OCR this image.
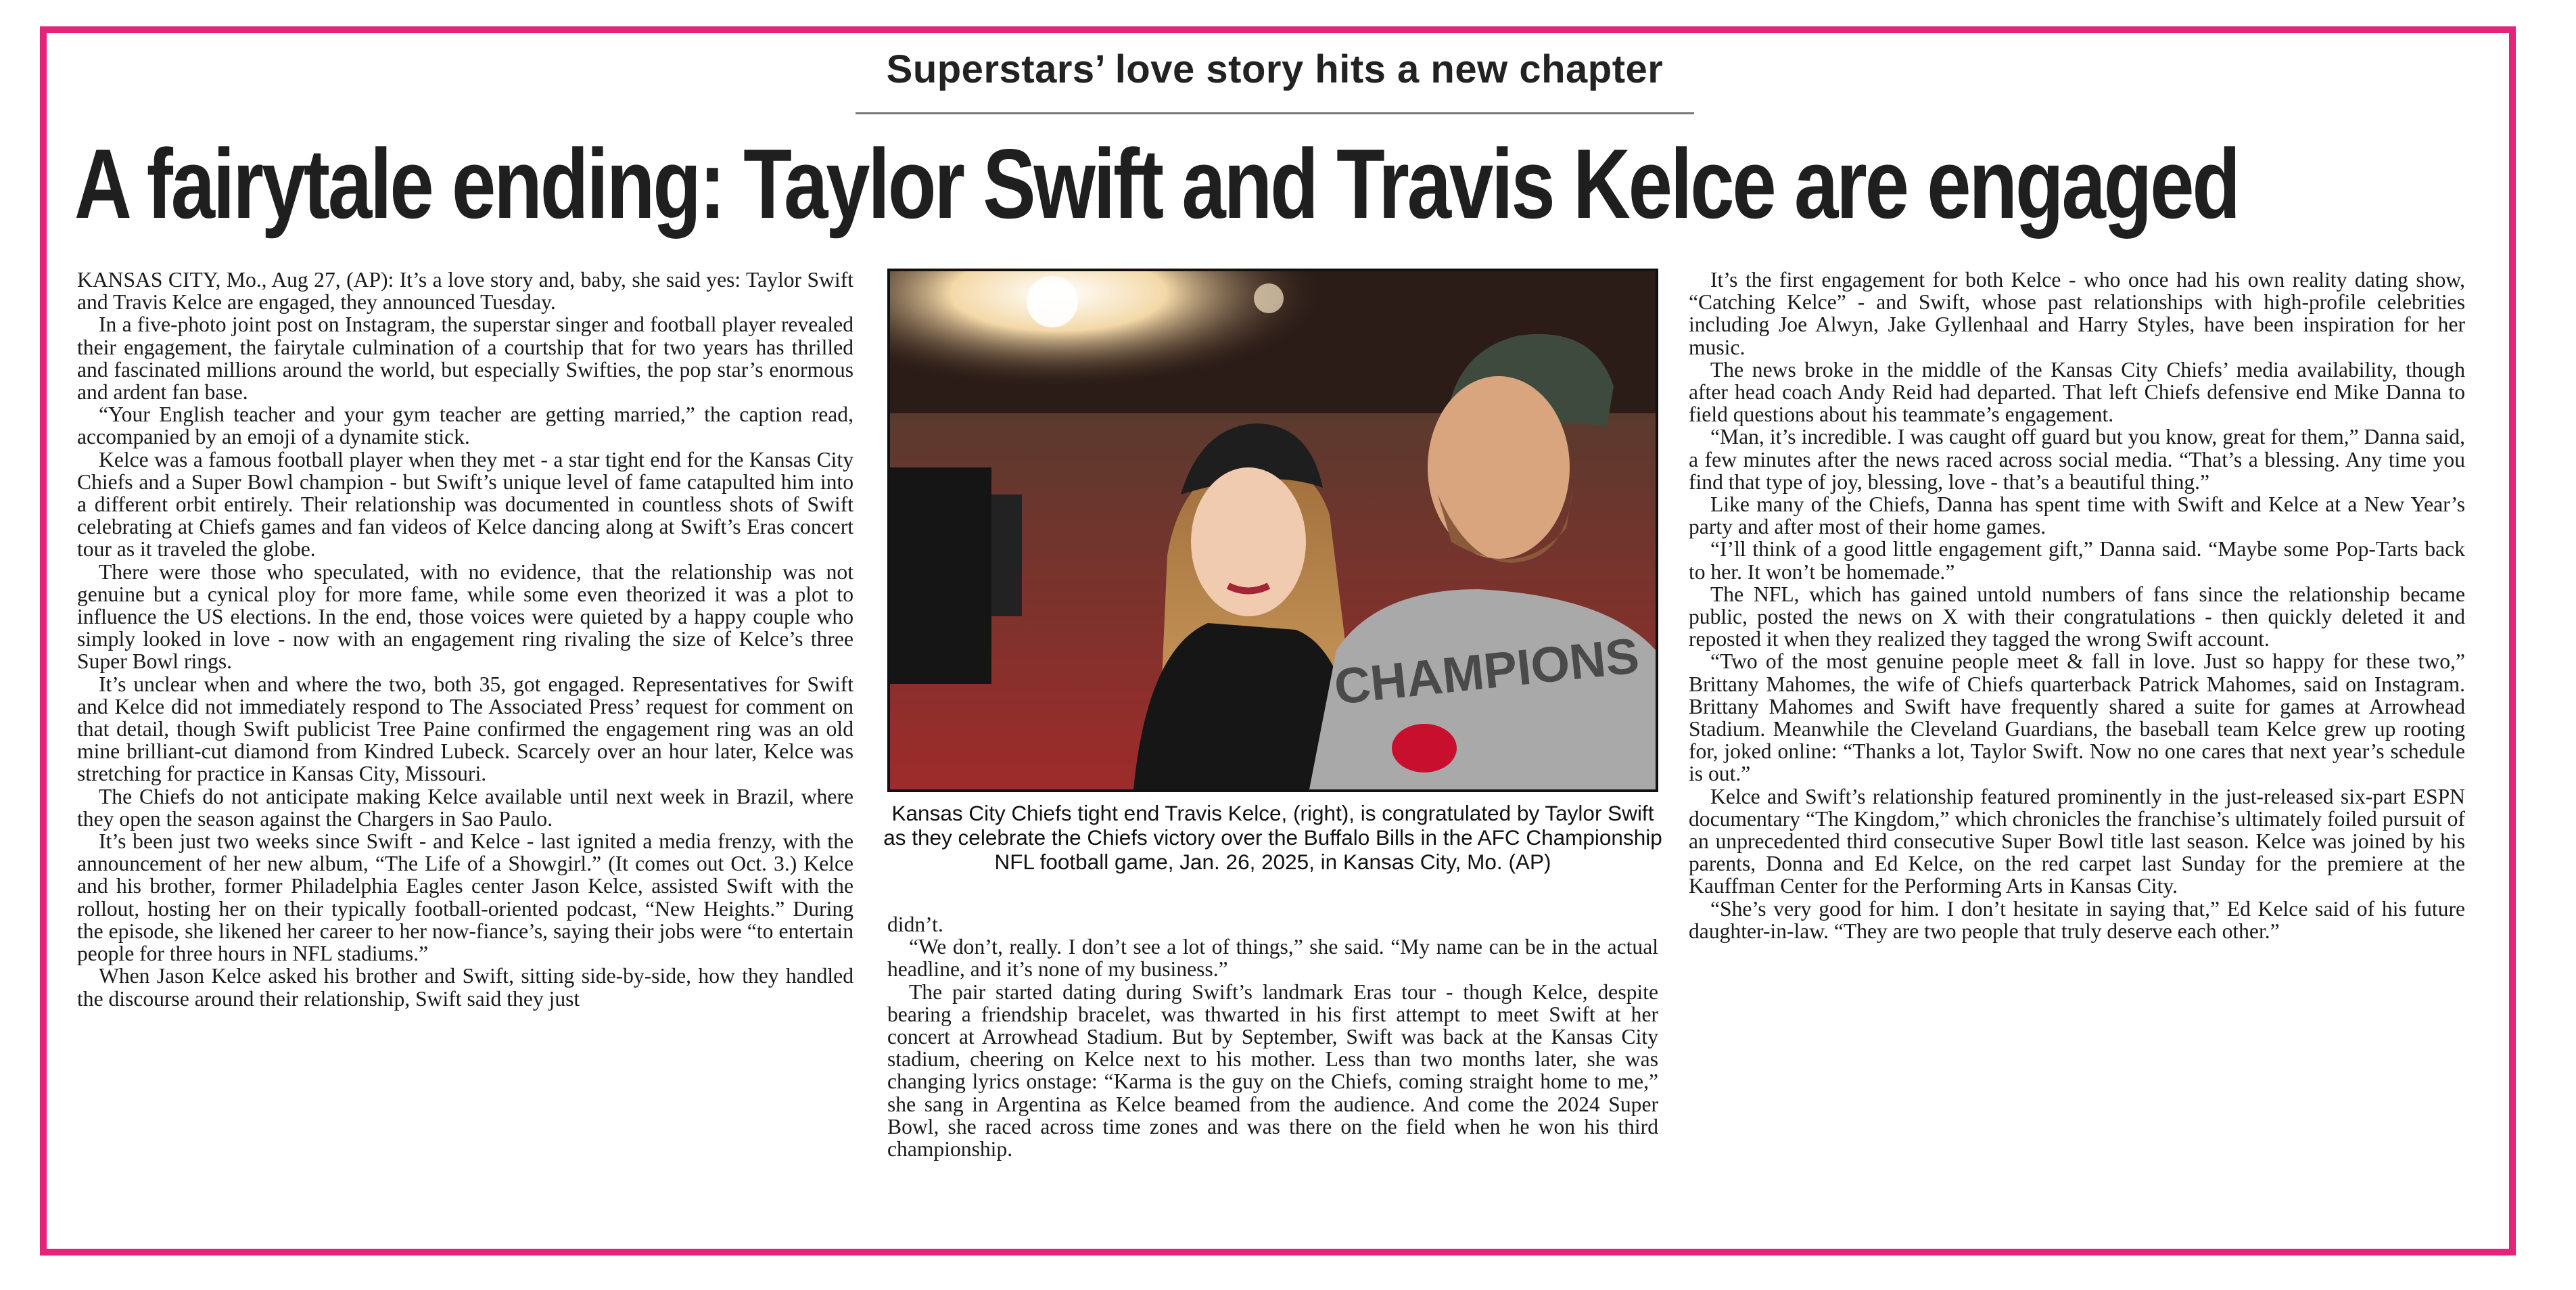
Superstars’ love story hits a new chapter
A fairytale ending: Taylor Swift and Travis Kelce are engaged

KANSAS CITY, Mo., Aug 27, (AP): It’s a love story and, baby, she said yes: Taylor Swift and Travis Kelce are engaged, they announced Tuesday.

In a five-photo joint post on Instagram, the superstar singer and football player revealed their engagement, the fairytale culmination of a courtship that for two years has thrilled and fascinated millions around the world, but especially Swifties, the pop star’s enormous and ardent fan base.

“Your English teacher and your gym teacher are getting married,” the caption read, accompanied by an emoji of a dynamite stick.

Kelce was a famous football player when they met - a star tight end for the Kansas City Chiefs and a Super Bowl champion - but Swift’s unique level of fame catapulted him into a different orbit entirely. Their relationship was documented in countless shots of Swift celebrating at Chiefs games and fan videos of Kelce dancing along at Swift’s Eras concert tour as it traveled the globe.

There were those who speculated, with no evidence, that the relationship was not genuine but a cynical ploy for more fame, while some even theorized it was a plot to influence the US elections. In the end, those voices were quieted by a happy couple who simply looked in love - now with an engagement ring rivaling the size of Kelce’s three Super Bowl rings.

It’s unclear when and where the two, both 35, got engaged. Representatives for Swift and Kelce did not immediately respond to The Associated Press’ request for comment on that detail, though Swift publicist Tree Paine confirmed the engagement ring was an old mine brilliant-cut diamond from Kindred Lubeck. Scarcely over an hour later, Kelce was stretching for practice in Kansas City, Missouri.

The Chiefs do not anticipate making Kelce available until next week in Brazil, where they open the season against the Chargers in Sao Paulo.

It’s been just two weeks since Swift - and Kelce - last ignited a media frenzy, with the announcement of her new album, “The Life of a Showgirl.” (It comes out Oct. 3.) Kelce and his brother, former Philadelphia Eagles center Jason Kelce, assisted Swift with the rollout, hosting her on their typically football-oriented podcast, “New Heights.” During the episode, she likened her career to her now-fiance’s, saying their jobs were “to entertain people for three hours in NFL stadiums.”

When Jason Kelce asked his brother and Swift, sitting side-by-side, how they handled the discourse around their relationship, Swift said they just

CHAMPIONS

Kansas City Chiefs tight end Travis Kelce, (right), is congratulated by Taylor Swift as they celebrate the Chiefs victory over the Buffalo Bills in the AFC Championship NFL football game, Jan. 26, 2025, in Kansas City, Mo. (AP)

didn’t.

“We don’t, really. I don’t see a lot of things,” she said. “My name can be in the actual headline, and it’s none of my business.”

The pair started dating during Swift’s landmark Eras tour - though Kelce, despite bearing a friendship bracelet, was thwarted in his first attempt to meet Swift at her concert at Arrowhead Stadium. But by September, Swift was back at the Kansas City stadium, cheering on Kelce next to his mother. Less than two months later, she was changing lyrics onstage: “Karma is the guy on the Chiefs, coming straight home to me,” she sang in Argentina as Kelce beamed from the audience. And come the 2024 Super Bowl, she raced across time zones and was there on the field when he won his third championship.

It’s the first engagement for both Kelce - who once had his own reality dating show, “Catching Kelce” - and Swift, whose past relationships with high-profile celebrities including Joe Alwyn, Jake Gyllenhaal and Harry Styles, have been inspiration for her music.

The news broke in the middle of the Kansas City Chiefs’ media availability, though after head coach Andy Reid had departed. That left Chiefs defensive end Mike Danna to field questions about his teammate’s engagement.

“Man, it’s incredible. I was caught off guard but you know, great for them,” Danna said, a few minutes after the news raced across social media. “That’s a blessing. Any time you find that type of joy, blessing, love - that’s a beautiful thing.”

Like many of the Chiefs, Danna has spent time with Swift and Kelce at a New Year’s party and after most of their home games.

“I’ll think of a good little engagement gift,” Danna said. “Maybe some Pop-Tarts back to her. It won’t be homemade.”

The NFL, which has gained untold numbers of fans since the relationship became public, posted the news on X with their congratulations - then quickly deleted it and reposted it when they realized they tagged the wrong Swift account.

“Two of the most genuine people meet & fall in love. Just so happy for these two,” Brittany Mahomes, the wife of Chiefs quarterback Patrick Mahomes, said on Instagram. Brittany Mahomes and Swift have frequently shared a suite for games at Arrowhead Stadium. Meanwhile the Cleveland Guardians, the baseball team Kelce grew up rooting for, joked online: “Thanks a lot, Taylor Swift. Now no one cares that next year’s schedule is out.”

Kelce and Swift’s relationship featured prominently in the just-released six-part ESPN documentary “The Kingdom,” which chronicles the franchise’s ultimately foiled pursuit of an unprecedented third consecutive Super Bowl title last season. Kelce was joined by his parents, Donna and Ed Kelce, on the red carpet last Sunday for the premiere at the Kauffman Center for the Performing Arts in Kansas City.

“She’s very good for him. I don’t hesitate in saying that,” Ed Kelce said of his future daughter-in-law. “They are two people that truly deserve each other.”
